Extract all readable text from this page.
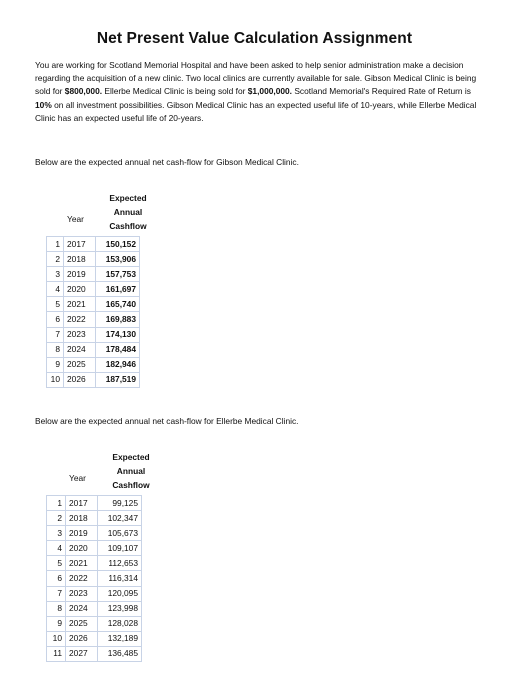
Net Present Value Calculation Assignment
You are working for Scotland Memorial Hospital and have been asked to help senior administration make a decision regarding the acquisition of a new clinic. Two local clinics are currently available for sale. Gibson Medical Clinic is being sold for $800,000. Ellerbe Medical Clinic is being sold for $1,000,000. Scotland Memorial's Required Rate of Return is 10% on all investment possibilities. Gibson Medical Clinic has an expected useful life of 10-years, while Ellerbe Medical Clinic has an expected useful life of 20-years.
Below are the expected annual net cash-flow for Gibson Medical Clinic.
Expected
Annual
Cashflow
Year
1	2017	150,152
2	2018	153,906
3	2019	157,753
4	2020	161,697
5	2021	165,740
6	2022	169,883
7	2023	174,130
8	2024	178,484
9	2025	182,946
10	2026	187,519
Below are the expected annual net cash-flow for Ellerbe Medical Clinic.
Expected
Annual
Cashflow
Year
1	2017	99,125
2	2018	102,347
3	2019	105,673
4	2020	109,107
5	2021	112,653
6	2022	116,314
7	2023	120,095
8	2024	123,998
9	2025	128,028
10	2026	132,189
11	2027	136,485
